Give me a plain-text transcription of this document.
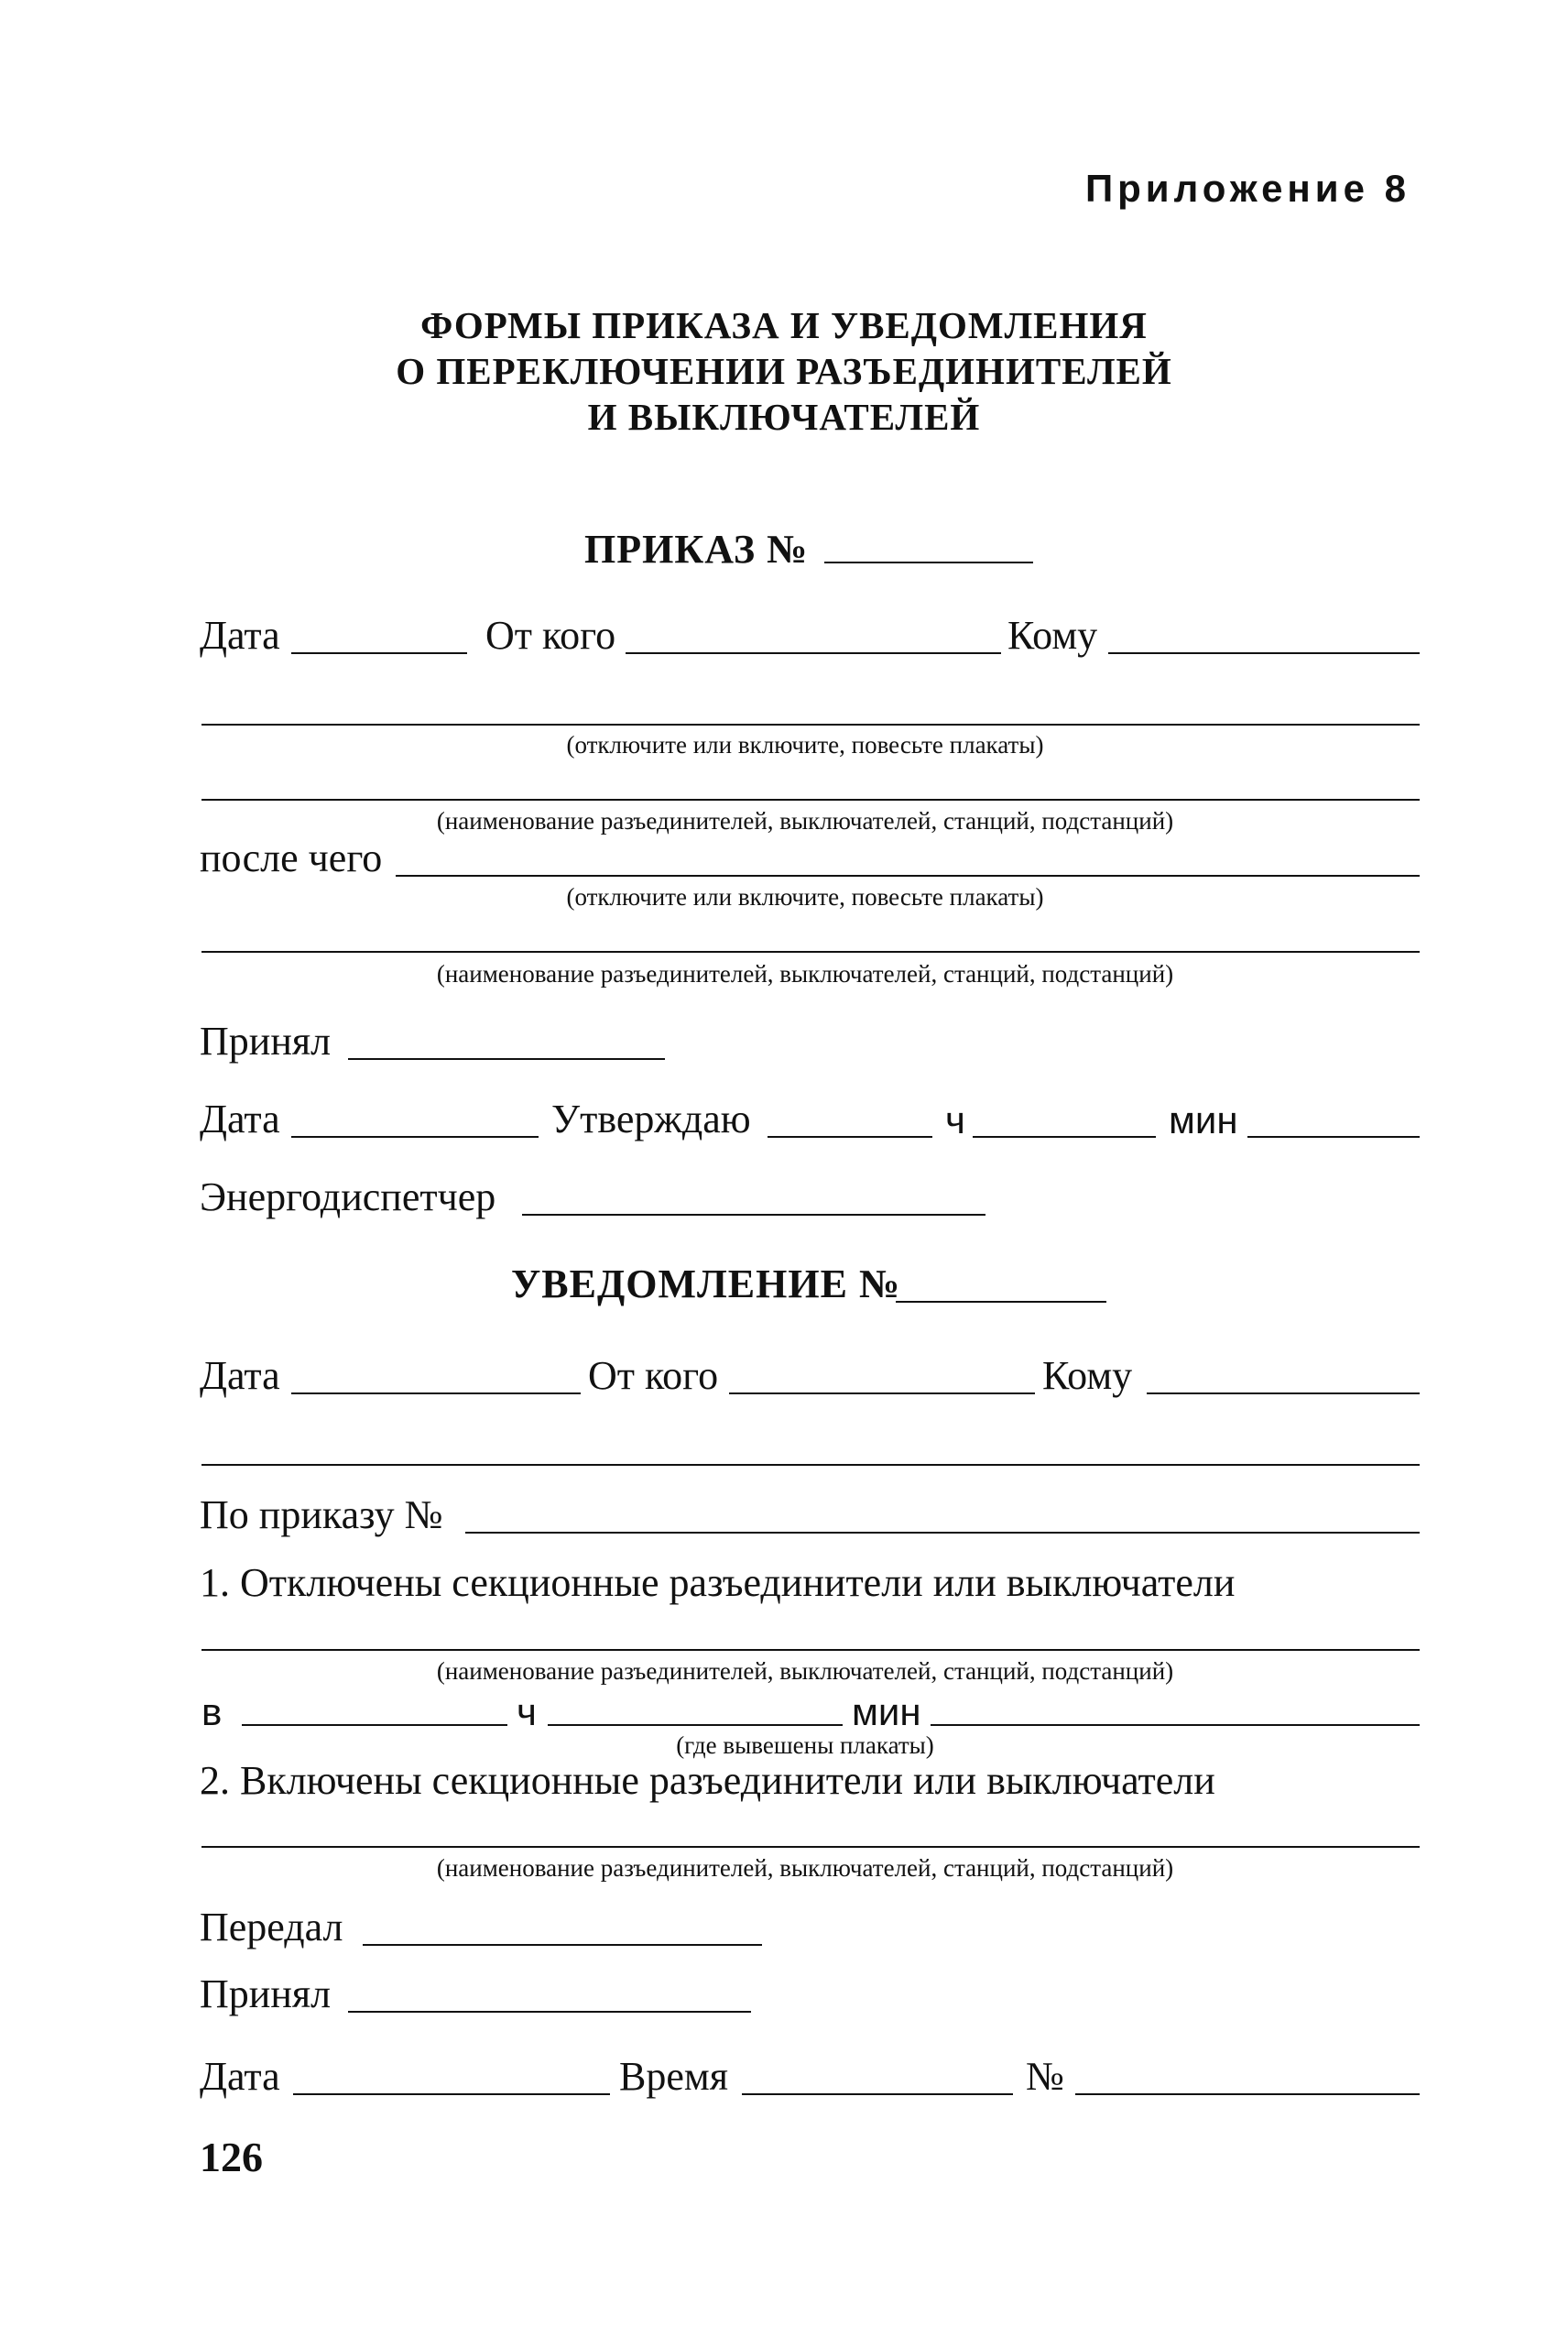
Приложение 8
ФОРМЫ ПРИКАЗА И УВЕДОМЛЕНИЯ
О ПЕРЕКЛЮЧЕНИИ РАЗЪЕДИНИТЕЛЕЙ
И ВЫКЛЮЧАТЕЛЕЙ
ПРИКАЗ №
Дата	От кого	Кому
(отключите или включите, повесьте плакаты)
(наименование разъединителей, выключателей, станций, подстанций)
после чего
(отключите или включите, повесьте плакаты)
(наименование разъединителей, выключателей, станций, подстанций)
Принял
Дата	Утверждаю	ч	мин
Энергодиспетчер
УВЕДОМЛЕНИЕ №
Дата	От кого	Кому
По приказу №
1. Отключены секционные разъединители или выключатели
(наименование разъединителей, выключателей, станций, подстанций)
в	ч	мин
(где вывешены плакаты)
2. Включены секционные разъединители или выключатели
(наименование разъединителей, выключателей, станций, подстанций)
Передал
Принял
Дата	Время	№
126
